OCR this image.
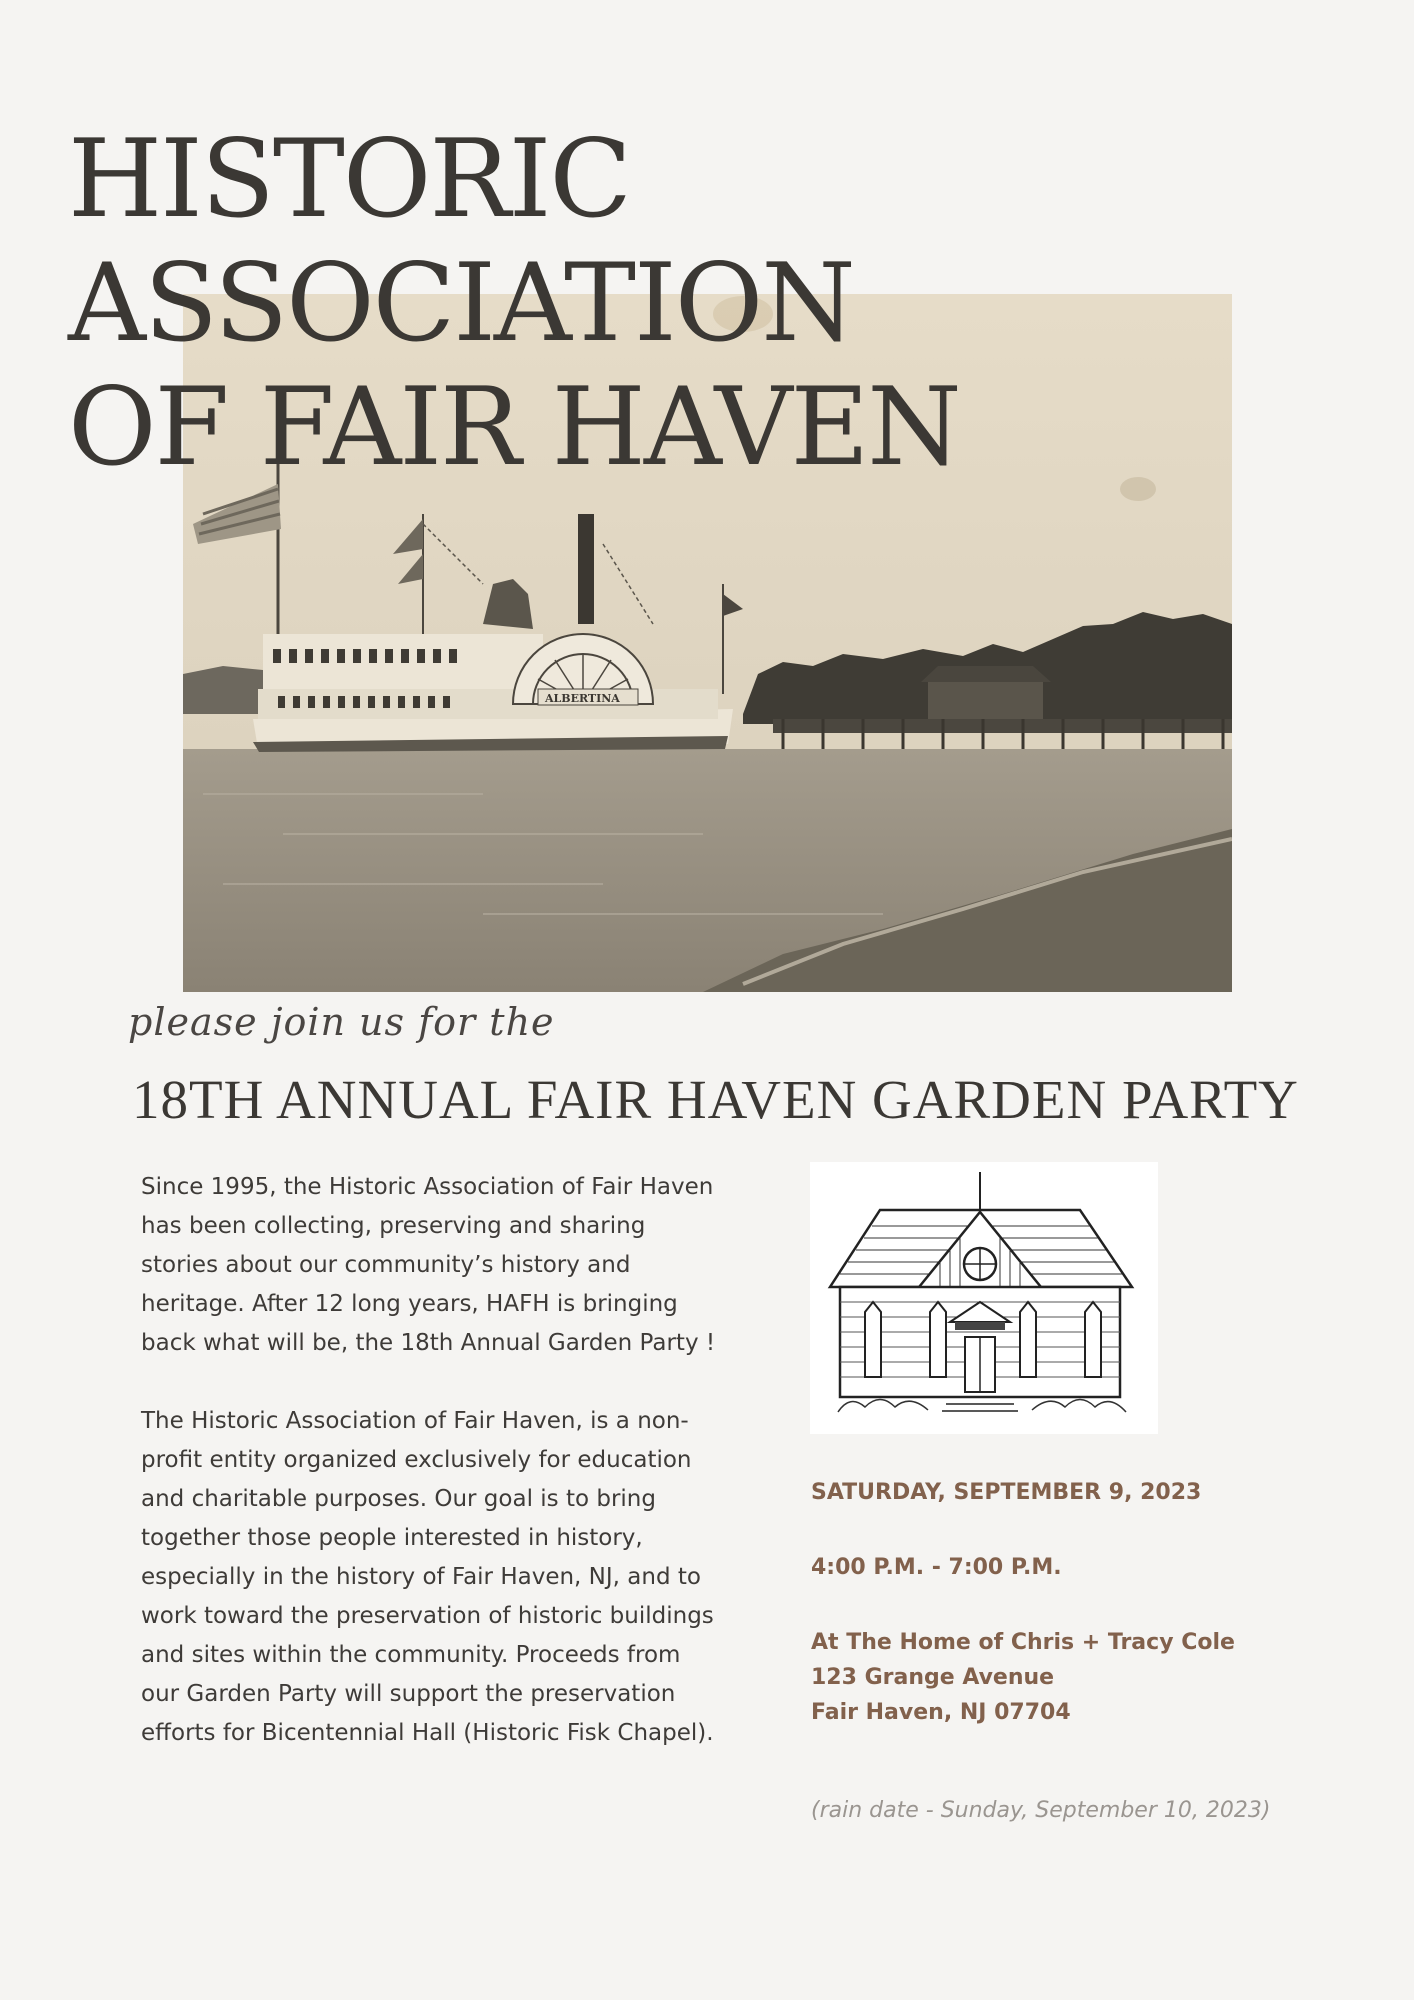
ALBERTINA
HISTORIC
ASSOCIATION
OF FAIR HAVEN
please join us for the
18TH ANNUAL FAIR HAVEN GARDEN PARTY

Since 1995, the Historic Association of Fair Haven has been collecting, preserving and sharing stories about our community’s history and heritage. After 12 long years, HAFH is bringing back what will be, the 18th Annual Garden Party !

The Historic Association of Fair Haven, is a non-profit entity organized exclusively for education and charitable purposes. Our goal is to bring together those people interested in history, especially in the history of Fair Haven, NJ, and to work toward the preservation of historic buildings and sites within the community. Proceeds from our Garden Party will support the preservation efforts for Bicentennial Hall (Historic Fisk Chapel).

SATURDAY, SEPTEMBER 9, 2023
4:00 P.M. - 7:00 P.M.
At The Home of Chris + Tracy Cole
123 Grange Avenue
Fair Haven, NJ 07704
(rain date - Sunday, September 10, 2023)
